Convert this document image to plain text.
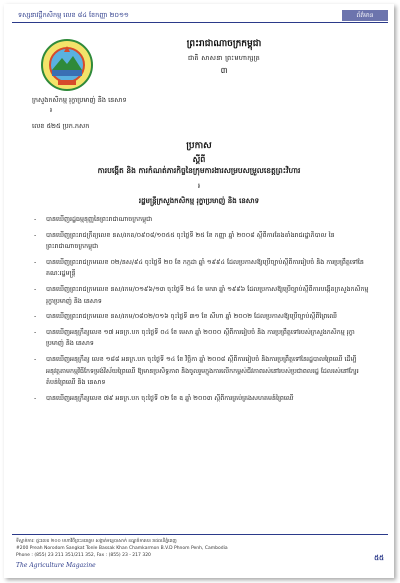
ទស្សនាវដ្ដីកសិកម្ម លេខ ៨៤ ខែកញ្ញា ២០១១	ព័ត៌មាន
ព្រះរាជាណាចក្រកម្ពុជា
ជាតិ សាសនា ព្រះមហាក្សត្រ
៣
ក្រសួងកសិកម្ម រុក្ខាប្រមាញ់ និង នេសាទ
៛
លេខ ៥២៥ ប្រក.កសក
ប្រកាស
ស្តីពី
ការបង្កើត និង ការកំណត់ភារកិច្ចនៃក្រុមការងារសម្របសម្រួលខេត្តព្រះវិហារ
៛
រដ្ឋមន្ត្រីក្រសួងកសិកម្ម រុក្ខាប្រមាញ់ និង នេសាទ
- បានឃើញរដ្ឋធម្មនុញ្ញនៃព្រះរាជាណាចក្រកម្ពុជា
- បានឃើញព្រះរាជក្រឹត្យលេខ នស/រកត/០៩០៨/១០៥៥ ចុះថ្ងៃទី ២៥ ខែ កញ្ញា ឆ្នាំ ២០០៨ ស្ដីពីការតែងតាំងរាជរដ្ឋាភិបាល នៃព្រះរាជាណាចក្រកម្ពុជា
- បានឃើញព្រះរាជក្រមលេខ ០២/នស/៩៤ ចុះថ្ងៃទី ២០ ខែ កក្កដា ឆ្នាំ ១៩៩៤ ដែលប្រកាសឱ្យប្រើច្បាប់ស្ដីពីការរៀបចំ និង ការប្រព្រឹត្តទៅនៃគណៈរដ្ឋមន្ត្រី
- បានឃើញព្រះរាជក្រមលេខ នស/រកម/០១៩៦/១៣ ចុះថ្ងៃទី ២៤ ខែ មករា ឆ្នាំ ១៩៩៦ ដែលប្រកាសឱ្យប្រើច្បាប់ស្ដីពីការបង្កើតក្រសួងកសិកម្ម រុក្ខាប្រមាញ់ និង នេសាទ
- បានឃើញព្រះរាជក្រមលេខ នស/រកម/០៨០២/០១៦ ចុះថ្ងៃទី ៣១ ខែ សីហា ឆ្នាំ ២០០២ ដែលប្រកាសឱ្យប្រើច្បាប់ស្ដីពីព្រៃឈើ
- បានឃើញអនុក្រឹត្យលេខ ១៧ អនក្រ.បក ចុះថ្ងៃទី ០៤ ខែ មេសា ឆ្នាំ ២០០០ ស្ដីពីការរៀបចំ និង ការប្រព្រឹត្តទៅរបស់ក្រសួងកសិកម្ម រុក្ខាប្រមាញ់ និង នេសាទ
- បានឃើញអនុក្រឹត្យ លេខ ១៨៨ អនក្រ.បក ចុះថ្ងៃទី ១៤ ខែ វិច្ឆិកា ឆ្នាំ ២០០៨ ស្ដីពីការរៀបចំ និងការប្រព្រឹត្តទៅនៃរដ្ឋបាលព្រៃឈើ ដើម្បីអនុវត្តតាមកម្មវិធីកែទម្រង់វិស័យព្រៃឈើ ឱ្យមានប្រសិទ្ធភាព និងចូលរួមក្នុងការលើកកម្ពស់ជីវភាពរស់នៅរបស់ប្រជាពលរដ្ឋ ដែលរស់នៅក្បែរតំបន់ព្រៃឈើ និង នេសាទ
- បានឃើញអនុក្រឹត្យលេខ ៧៩ អនក្រ.បក ចុះថ្ងៃទី ០២ ខែ ឧ ឆ្នាំ ២០០៣ ស្ដីពីការគ្រប់គ្រងសហគមន៍ព្រៃឈើ
ទីស្នាក់ការ: ផ្ទះលេខ ២០០ មហាវិថីព្រះនរោត្តម សង្កាត់ទន្លេបាសាក់ ខណ្ឌចំការមន រាជធានីភ្នំពេញ
#200 Preah Norodom Sangkat Tonle Bassak Khan Chamkarmon B.V.D Phnom Penh, Cambodia
Phone : (855) 23 211 351/211 352, Fax : (855) 23 - 217 320
The Agriculture Magazine
៥៥
